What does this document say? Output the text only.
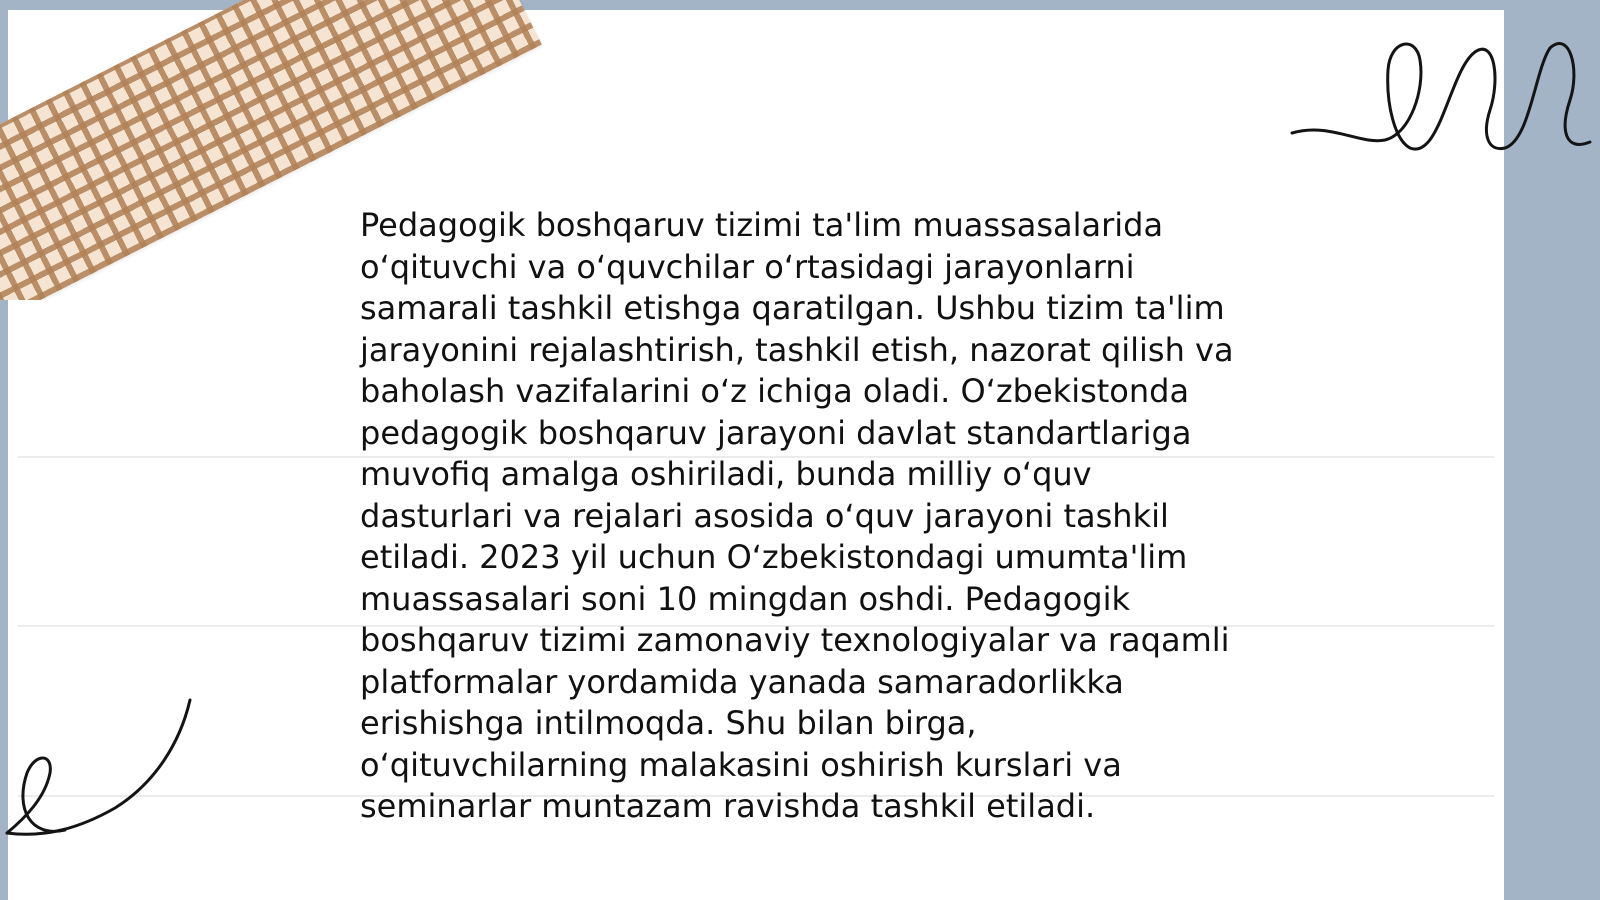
Pedagogik boshqaruv tizimi ta'lim muassasalarida
oʻqituvchi va oʻquvchilar oʻrtasidagi jarayonlarni
samarali tashkil etishga qaratilgan. Ushbu tizim ta'lim
jarayonini rejalashtirish, tashkil etish, nazorat qilish va
baholash vazifalarini oʻz ichiga oladi. Oʻzbekistonda
pedagogik boshqaruv jarayoni davlat standartlariga
muvofiq amalga oshiriladi, bunda milliy oʻquv
dasturlari va rejalari asosida oʻquv jarayoni tashkil
etiladi. 2023 yil uchun Oʻzbekistondagi umumta'lim
muassasalari soni 10 mingdan oshdi. Pedagogik
boshqaruv tizimi zamonaviy texnologiyalar va raqamli
platformalar yordamida yanada samaradorlikka
erishishga intilmoqda. Shu bilan birga,
oʻqituvchilarning malakasini oshirish kurslari va
seminarlar muntazam ravishda tashkil etiladi.
